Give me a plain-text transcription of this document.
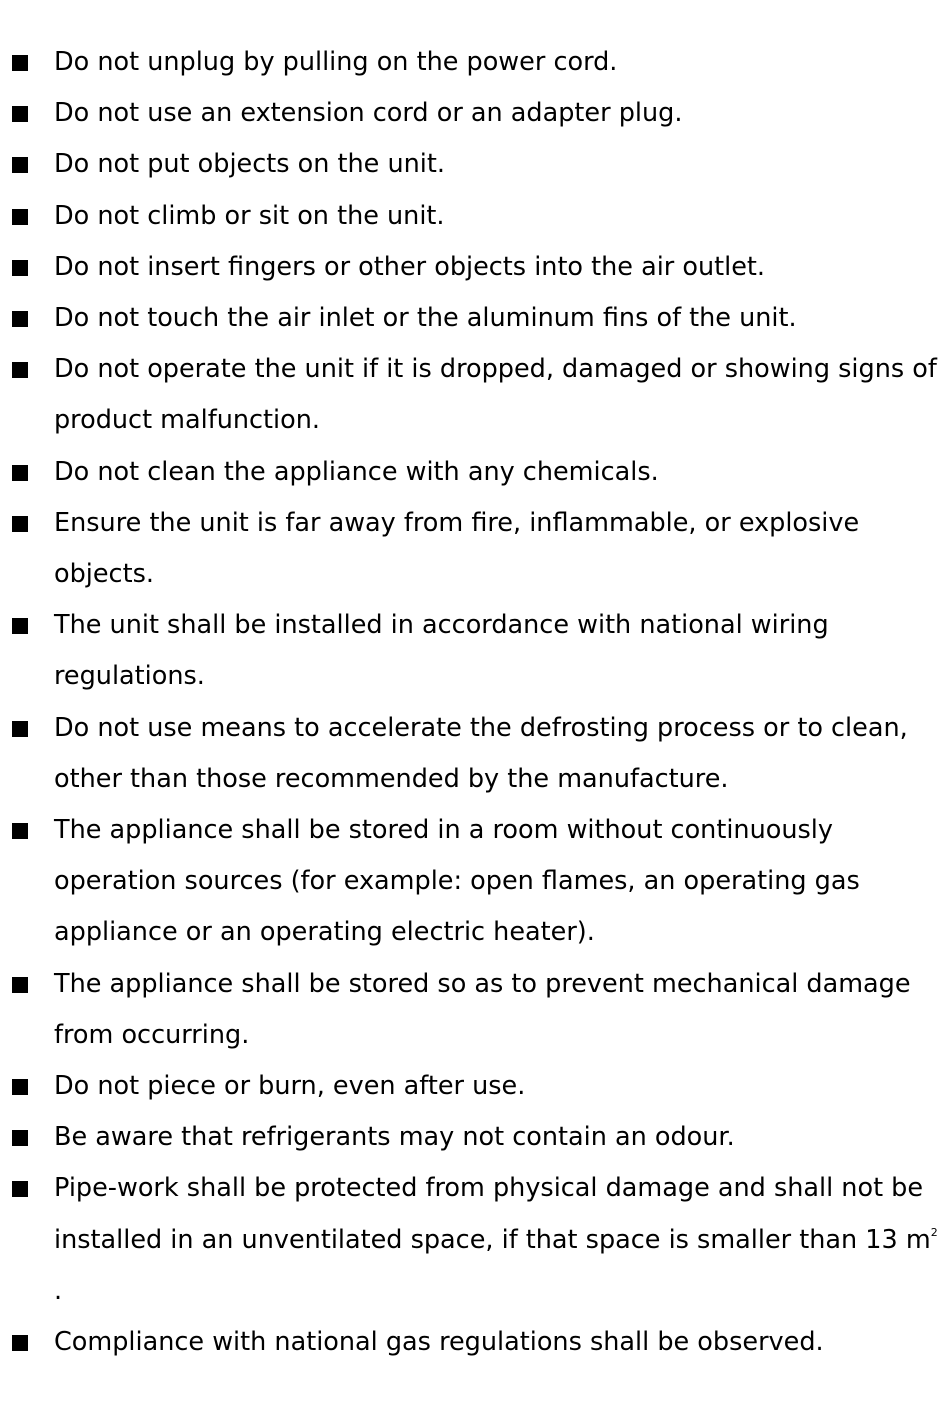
Do not unplug by pulling on the power cord.
Do not use an extension cord or an adapter plug.
Do not put objects on the unit.
Do not climb or sit on the unit.
Do not insert fingers or other objects into the air outlet.
Do not touch the air inlet or the aluminum fins of the unit.
Do not operate the unit if it is dropped, damaged or showing signs of product malfunction.
Do not clean the appliance with any chemicals.
Ensure the unit is far away from fire, inflammable, or explosive objects.
The unit shall be installed in accordance with national wiring regulations.
Do not use means to accelerate the defrosting process or to clean, other than those recommended by the manufacture.
The appliance shall be stored in a room without continuously operation sources (for example: open flames, an operating gas appliance or an operating electric heater).
The appliance shall be stored so as to prevent mechanical damage from occurring.
Do not piece or burn, even after use.
Be aware that refrigerants may not contain an odour.
Pipe-work shall be protected from physical damage and shall not be installed in an unventilated space, if that space is smaller than 13 $m^2$ .
Compliance with national gas regulations shall be observed.
